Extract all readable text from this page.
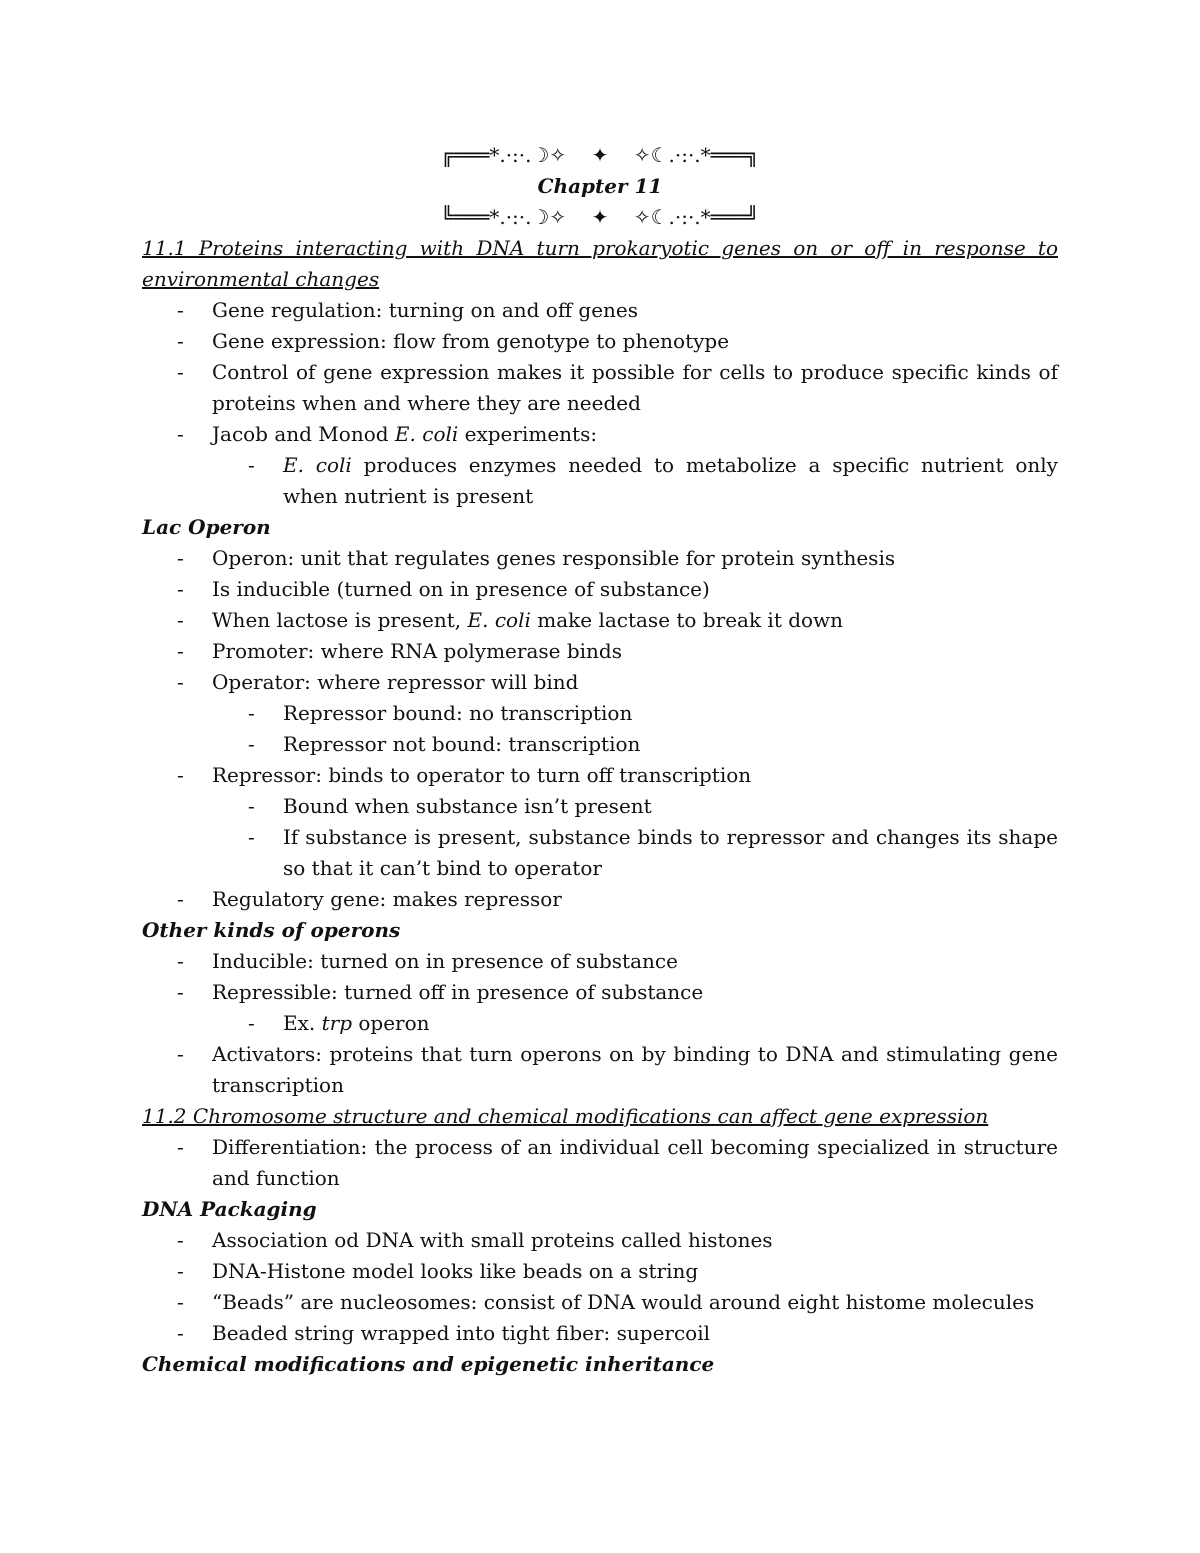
╔═══*.·:·.☽✧    ✦    ✧☾.·:·.*═══╗
Chapter 11
╚═══*.·:·.☽✧    ✦    ✧☾.·:·.*═══╝
11.1 Proteins interacting with DNA turn prokaryotic genes on or off in response to environmental changes
- Gene regulation: turning on and off genes
- Gene expression: flow from genotype to phenotype
- Control of gene expression makes it possible for cells to produce specific kinds of proteins when and where they are needed
- Jacob and Monod E. coli experiments:
- E. coli produces enzymes needed to metabolize a specific nutrient only when nutrient is present
Lac Operon
- Operon: unit that regulates genes responsible for protein synthesis
- Is inducible (turned on in presence of substance)
- When lactose is present, E. coli make lactase to break it down
- Promoter: where RNA polymerase binds
- Operator: where repressor will bind
- Repressor bound: no transcription
- Repressor not bound: transcription
- Repressor: binds to operator to turn off transcription
- Bound when substance isn’t present
- If substance is present, substance binds to repressor and changes its shape so that it can’t bind to operator
- Regulatory gene: makes repressor
Other kinds of operons
- Inducible: turned on in presence of substance
- Repressible: turned off in presence of substance
- Ex. trp operon
- Activators: proteins that turn operons on by binding to DNA and stimulating gene transcription
11.2 Chromosome structure and chemical modifications can affect gene expression
- Differentiation: the process of an individual cell becoming specialized in structure and function
DNA Packaging
- Association od DNA with small proteins called histones
- DNA-Histone model looks like beads on a string
- “Beads” are nucleosomes: consist of DNA would around eight histome molecules
- Beaded string wrapped into tight fiber: supercoil
Chemical modifications and epigenetic inheritance
